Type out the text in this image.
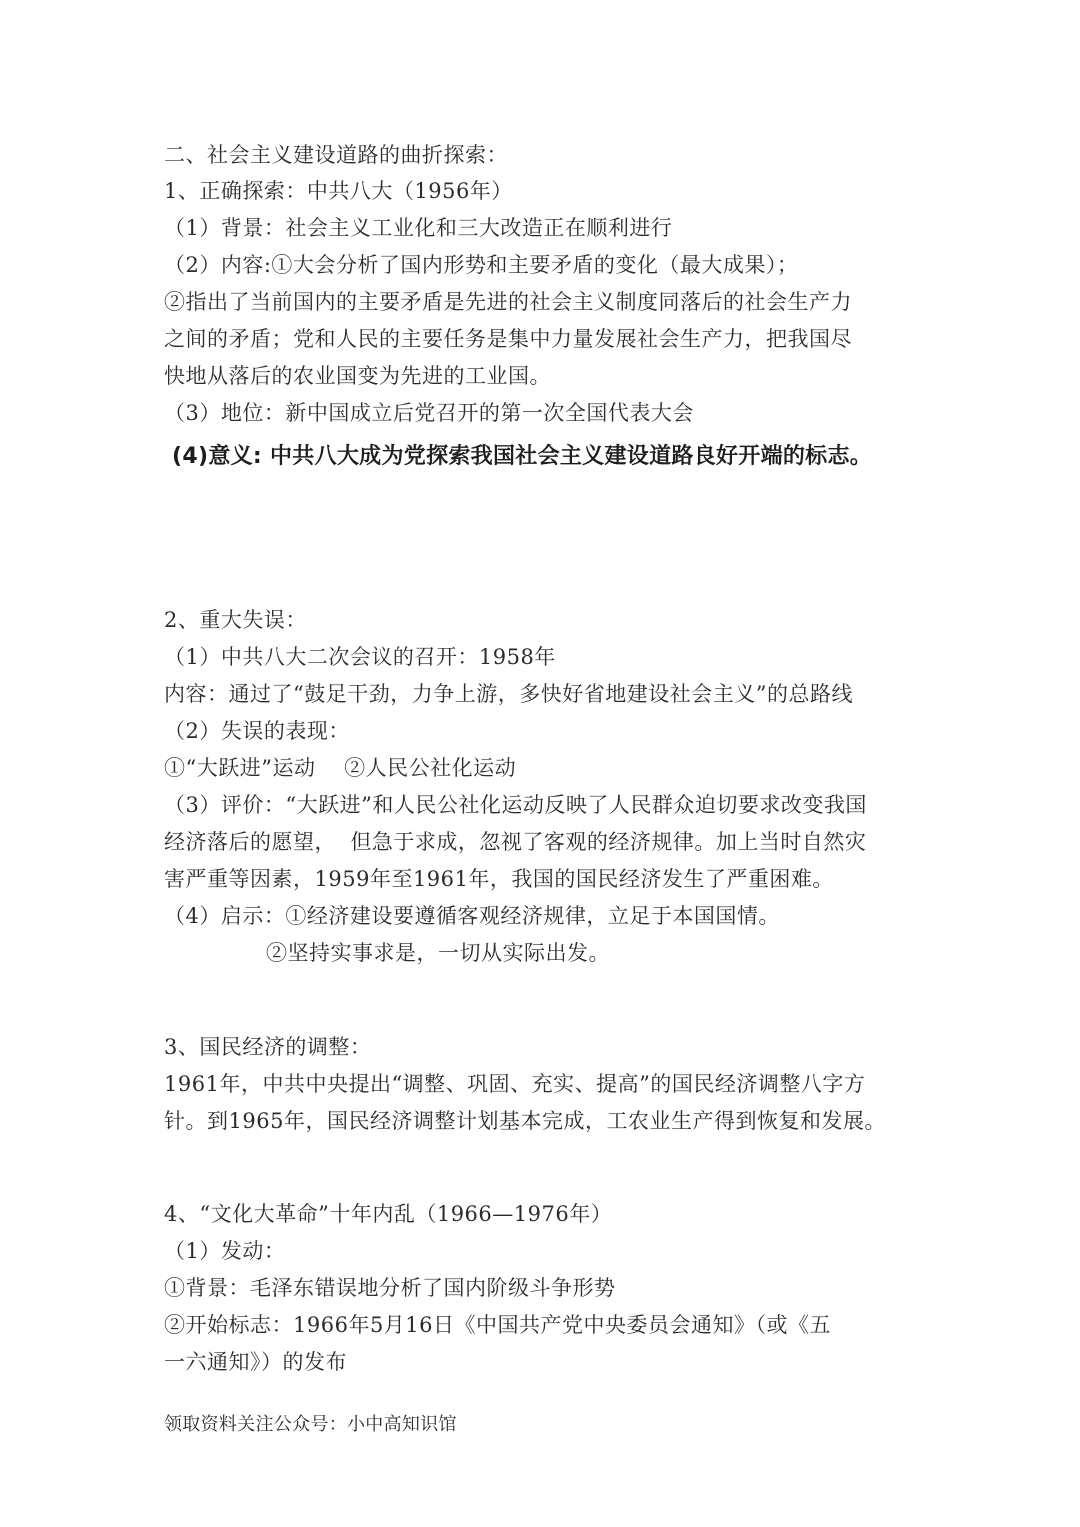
二、社会主义建设道路的曲折探索：
1、正确探索：中共八大（1956年）
（1）背景：社会主义工业化和三大改造正在顺利进行
（2）内容:①大会分析了国内形势和主要矛盾的变化（最大成果）；
②指出了当前国内的主要矛盾是先进的社会主义制度同落后的社会生产力
之间的矛盾；党和人民的主要任务是集中力量发展社会生产力，把我国尽
快地从落后的农业国变为先进的工业国。
（3）地位：新中国成立后党召开的第一次全国代表大会
(4)意义: 中共八大成为党探索我国社会主义建设道路良好开端的标志。
2、重大失误：
（1）中共八大二次会议的召开：1958年
内容：通过了“鼓足干劲，力争上游，多快好省地建设社会主义”的总路线
（2）失误的表现：
①“大跃进”运动    ②人民公社化运动
（3）评价：“大跃进”和人民公社化运动反映了人民群众迫切要求改变我国
经济落后的愿望，  但急于求成，忽视了客观的经济规律。加上当时自然灾
害严重等因素，1959年至1961年，我国的国民经济发生了严重困难。
（4）启示：①经济建设要遵循客观经济规律，立足于本国国情。
②坚持实事求是，一切从实际出发。
3、国民经济的调整：
1961年，中共中央提出“调整、巩固、充实、提高”的国民经济调整八字方
针。到1965年，国民经济调整计划基本完成，工农业生产得到恢复和发展。
4、“文化大革命”十年内乱（1966—1976年）
（1）发动：
①背景：毛泽东错误地分析了国内阶级斗争形势
②开始标志：1966年5月16日《中国共产党中央委员会通知》（或《五
一六通知》）的发布
领取资料关注公众号：小中高知识馆
